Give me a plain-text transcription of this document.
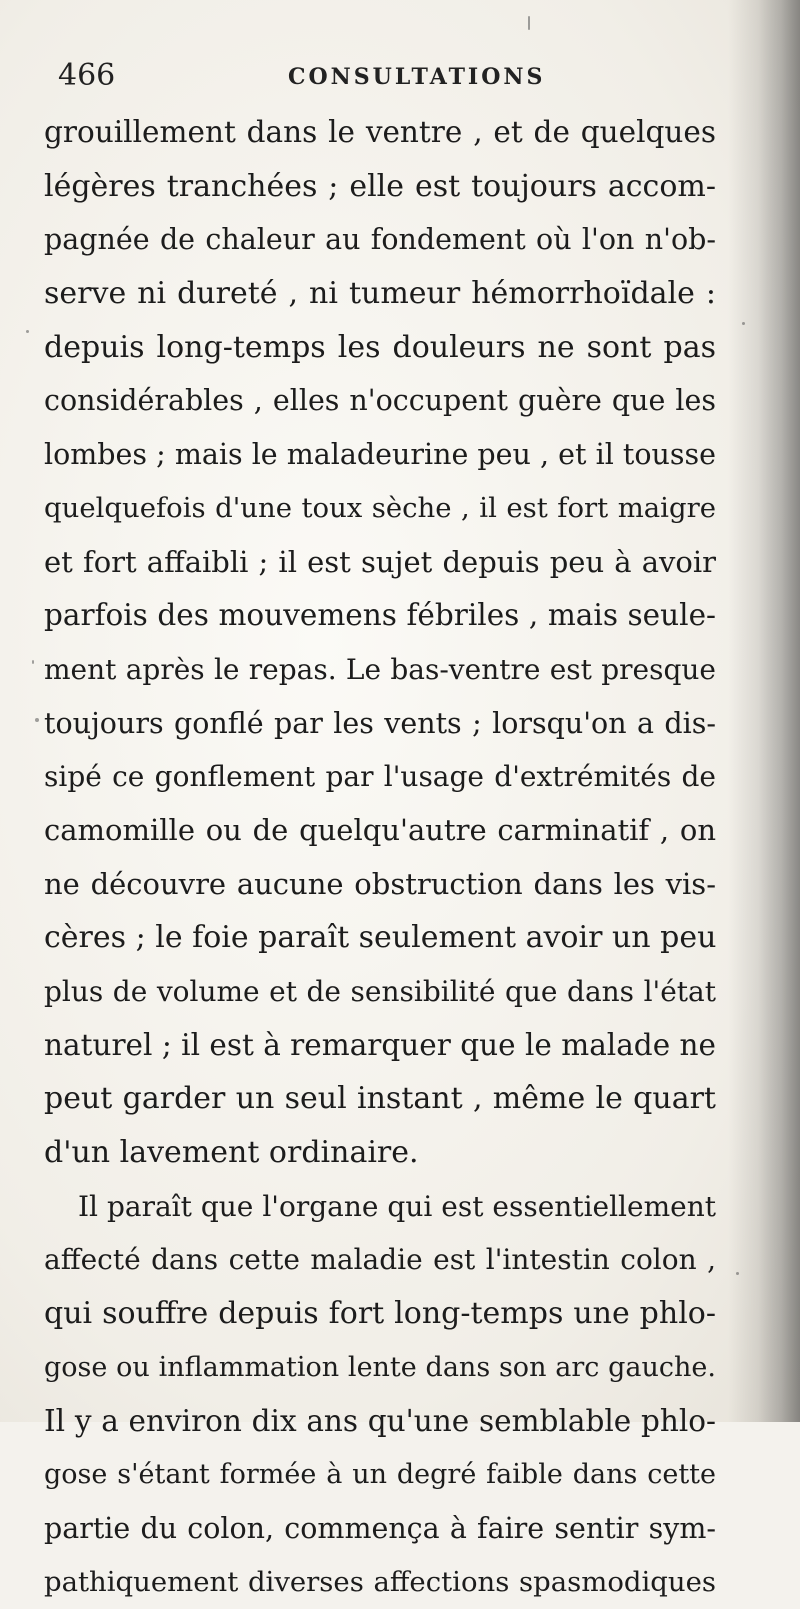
466	CONSULTATIONS
grouillement dans le ventre , et de quelques
légères tranchées ; elle est toujours accom-
pagnée de chaleur au fondement où l'on n'ob-
serve ni dureté , ni tumeur hémorrhoïdale :
depuis long-temps les douleurs ne sont pas
considérables , elles n'occupent guère que les
lombes ; mais le maladeurine peu , et il tousse
quelquefois d'une toux sèche , il est fort maigre
et fort affaibli ; il est sujet depuis peu à avoir
parfois des mouvemens fébriles , mais seule-
ment après le repas. Le bas-ventre est presque
toujours gonflé par les vents ; lorsqu'on a dis-
sipé ce gonflement par l'usage d'extrémités de
camomille ou de quelqu'autre carminatif , on
ne découvre aucune obstruction dans les vis-
cères ; le foie paraît seulement avoir un peu
plus de volume et de sensibilité que dans l'état
naturel ; il est à remarquer que le malade ne
peut garder un seul instant , même le quart
d'un lavement ordinaire.
Il paraît que l'organe qui est essentiellement
affecté dans cette maladie est l'intestin colon ,
qui souffre depuis fort long-temps une phlo-
gose ou inflammation lente dans son arc gauche.
Il y a environ dix ans qu'une semblable phlo-
gose s'étant formée à un degré faible dans cette
partie du colon, commença à faire sentir sym-
pathiquement diverses affections spasmodiques
